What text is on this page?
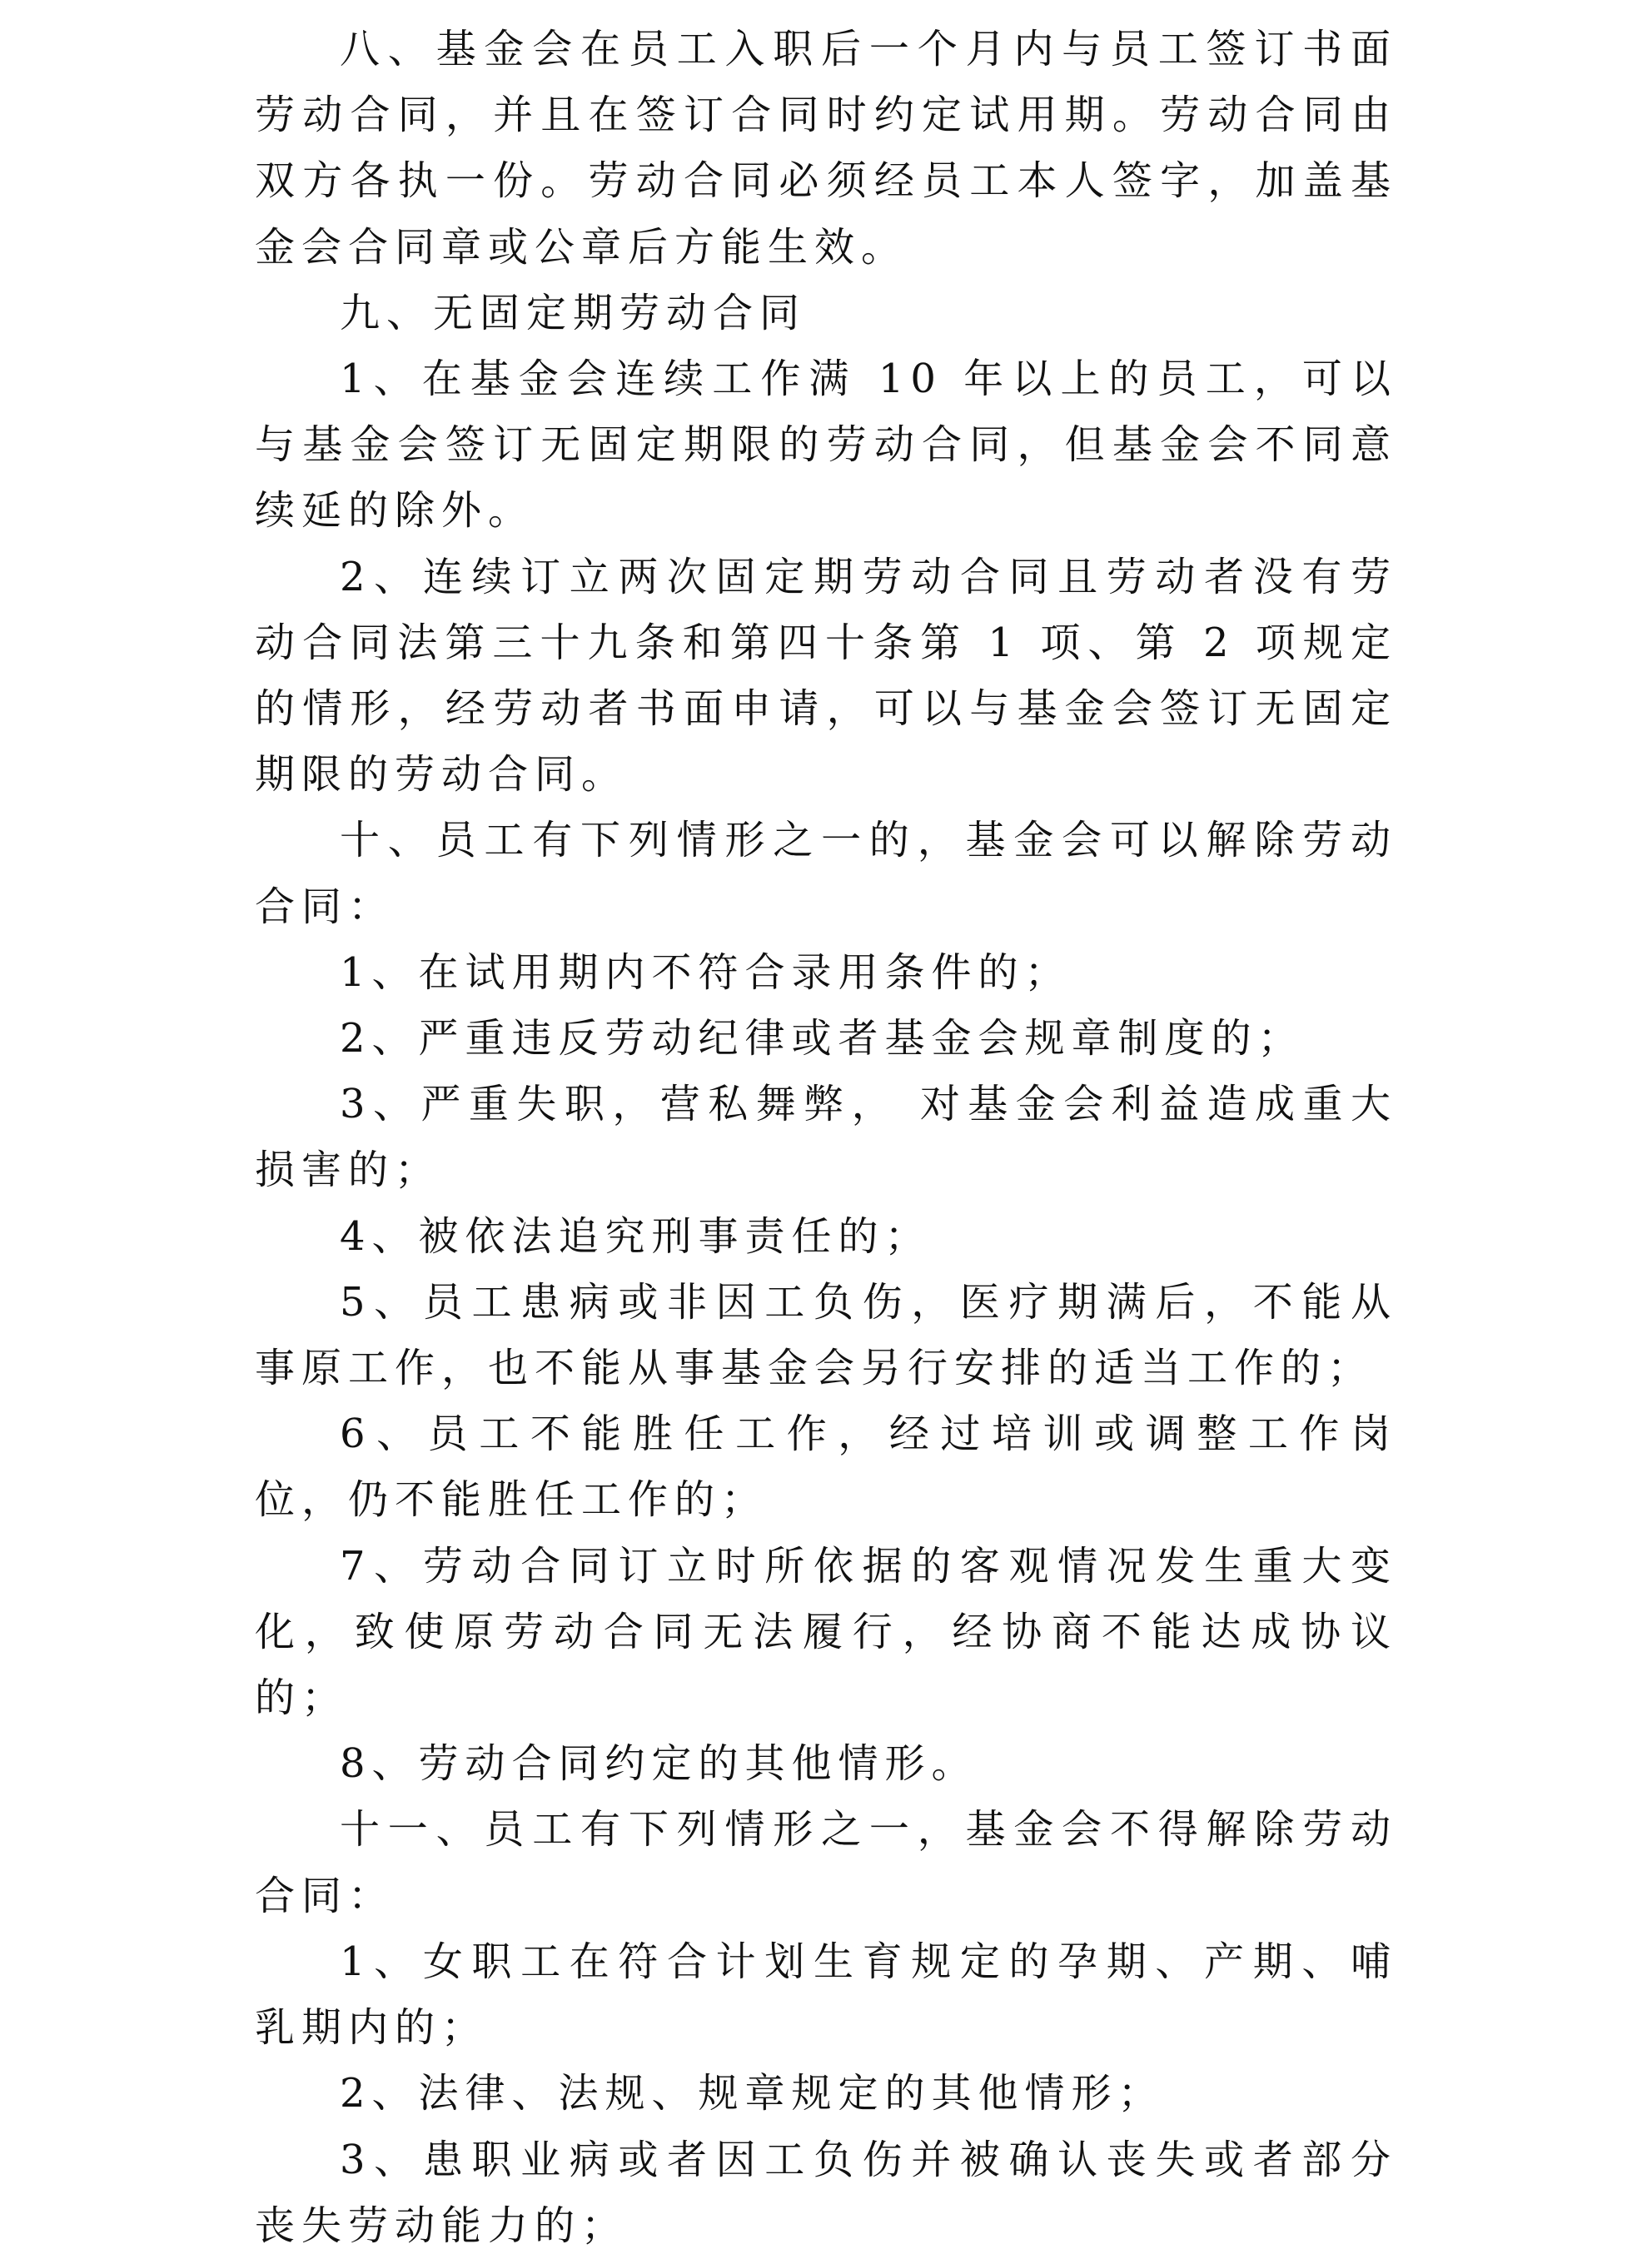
八、基金会在员工入职后一个月内与员工签订书面劳动合同，并且在签订合同时约定试用期。劳动合同由双方各执一份。劳动合同必须经员工本人签字，加盖基金会合同章或公章后方能生效。

九、无固定期劳动合同

1、在基金会连续工作满 10 年以上的员工，可以与基金会签订无固定期限的劳动合同，但基金会不同意续延的除外。

2、连续订立两次固定期劳动合同且劳动者没有劳动合同法第三十九条和第四十条第 1 项、第 2 项规定的情形，经劳动者书面申请，可以与基金会签订无固定期限的劳动合同。

十、员工有下列情形之一的，基金会可以解除劳动合同：

1、在试用期内不符合录用条件的；

2、严重违反劳动纪律或者基金会规章制度的；

3、严重失职，营私舞弊， 对基金会利益造成重大损害的；

4、被依法追究刑事责任的；

5、员工患病或非因工负伤，医疗期满后，不能从事原工作，也不能从事基金会另行安排的适当工作的；

6、员工不能胜任工作，经过培训或调整工作岗位，仍不能胜任工作的；

7、劳动合同订立时所依据的客观情况发生重大变化，致使原劳动合同无法履行，经协商不能达成协议的；

8、劳动合同约定的其他情形。

十一、员工有下列情形之一，基金会不得解除劳动合同：

1、女职工在符合计划生育规定的孕期、产期、哺乳期内的；

2、法律、法规、规章规定的其他情形；

3、患职业病或者因工负伤并被确认丧失或者部分丧失劳动能力的；
